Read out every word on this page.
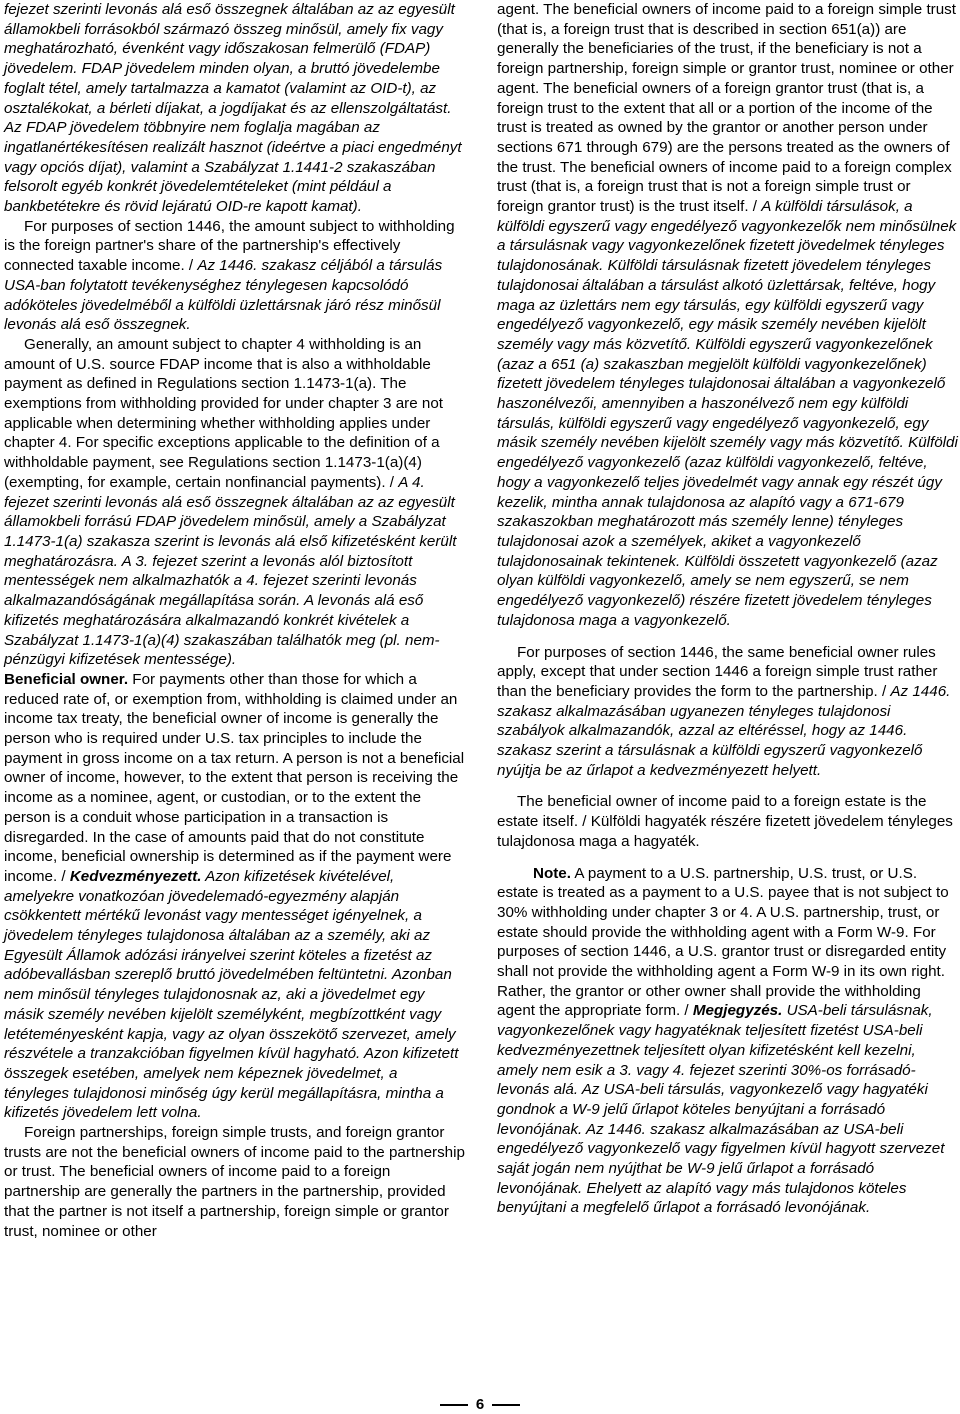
fejezet szerinti levonás alá eső összegnek általában az az egyesült államokbeli forrásokból származó összeg minősül, amely fix vagy meghatározható, évenként vagy időszakosan felmerülő (FDAP) jövedelem. FDAP jövedelem minden olyan, a bruttó jövedelembe foglalt tétel, amely tartalmazza a kamatot (valamint az OID-t), az osztalékokat, a bérleti díjakat, a jogdíjakat és az ellenszolgáltatást. Az FDAP jövedelem többnyire nem foglalja magában az ingatlanértékesítésen realizált hasznot (ideértve a piaci engedményt vagy opciós díjat), valamint a Szabályzat 1.1441-2 szakaszában felsorolt egyéb konkrét jövedelemtételeket (mint például a bankbetétekre és rövid lejáratú OID-re kapott kamat).

For purposes of section 1446, the amount subject to withholding is the foreign partner's share of the partnership's effectively connected taxable income. / Az 1446. szakasz céljából a társulás USA-ban folytatott tevékenységhez ténylegesen kapcsolódó adóköteles jövedelméből a külföldi üzlettársnak járó rész minősül levonás alá eső összegnek.

Generally, an amount subject to chapter 4 withholding is an amount of U.S. source FDAP income that is also a withholdable payment as defined in Regulations section 1.1473-1(a). The exemptions from withholding provided for under chapter 3 are not applicable when determining whether withholding applies under chapter 4. For specific exceptions applicable to the definition of a withholdable payment, see Regulations section 1.1473-1(a)(4) (exempting, for example, certain nonfinancial payments). / A 4. fejezet szerinti levonás alá eső összegnek általában az az egyesült államokbeli forrású FDAP jövedelem minősül, amely a Szabályzat 1.1473-1(a) szakasza szerint is levonás alá első kifizetésként került meghatározásra. A 3. fejezet szerint a levonás alól biztosított mentességek nem alkalmazhatók a 4. fejezet szerinti levonás alkalmazandóságának megállapítása során. A levonás alá eső kifizetés meghatározására alkalmazandó konkrét kivételek a Szabályzat 1.1473-1(a)(4) szakaszában találhatók meg (pl. nem-pénzügyi kifizetések mentessége).

Beneficial owner. For payments other than those for which a reduced rate of, or exemption from, withholding is claimed under an income tax treaty, the beneficial owner of income is generally the person who is required under U.S. tax principles to include the payment in gross income on a tax return. A person is not a beneficial owner of income, however, to the extent that person is receiving the income as a nominee, agent, or custodian, or to the extent the person is a conduit whose participation in a transaction is disregarded. In the case of amounts paid that do not constitute income, beneficial ownership is determined as if the payment were income. / Kedvezményezett. Azon kifizetések kivételével, amelyekre vonatkozóan jövedelemadó-egyezmény alapján csökkentett mértékű levonást vagy mentességet igényelnek, a jövedelem tényleges tulajdonosa általában az a személy, aki az Egyesült Államok adózási irányelvei szerint köteles a fizetést az adóbevallásban szereplő bruttó jövedelmében feltüntetni. Azonban nem minősül tényleges tulajdonosnak az, aki a jövedelmet egy másik személy nevében kijelölt személyként, megbízottként vagy letéteményesként kapja, vagy az olyan összekötő szervezet, amely részvétele a tranzakcióban figyelmen kívül hagyható. Azon kifizetett összegek esetében, amelyek nem képeznek jövedelmet, a tényleges tulajdonosi minőség úgy kerül megállapításra, mintha a kifizetés jövedelem lett volna.

Foreign partnerships, foreign simple trusts, and foreign grantor trusts are not the beneficial owners of income paid to the partnership or trust. The beneficial owners of income paid to a foreign partnership are generally the partners in the partnership, provided that the partner is not itself a partnership, foreign simple or grantor trust, nominee or other

agent. The beneficial owners of income paid to a foreign simple trust (that is, a foreign trust that is described in section 651(a)) are generally the beneficiaries of the trust, if the beneficiary is not a foreign partnership, foreign simple or grantor trust, nominee or other agent. The beneficial owners of a foreign grantor trust (that is, a foreign trust to the extent that all or a portion of the income of the trust is treated as owned by the grantor or another person under sections 671 through 679) are the persons treated as the owners of the trust. The beneficial owners of income paid to a foreign complex trust (that is, a foreign trust that is not a foreign simple trust or foreign grantor trust) is the trust itself. / A külföldi társulások, a külföldi egyszerű vagy engedélyező vagyonkezelők nem minősülnek a társulásnak vagy vagyonkezelőnek fizetett jövedelmek tényleges tulajdonosának. Külföldi társulásnak fizetett jövedelem tényleges tulajdonosai általában a társulást alkotó üzlettársak, feltéve, hogy maga az üzlettárs nem egy társulás, egy külföldi egyszerű vagy engedélyező vagyonkezelő, egy másik személy nevében kijelölt személy vagy más közvetítő. Külföldi egyszerű vagyonkezelőnek (azaz a 651 (a) szakaszban megjelölt külföldi vagyonkezelőnek) fizetett jövedelem tényleges tulajdonosai általában a vagyonkezelő haszonélvezői, amennyiben a haszonélvező nem egy külföldi társulás, külföldi egyszerű vagy engedélyező vagyonkezelő, egy másik személy nevében kijelölt személy vagy más közvetítő. Külföldi engedélyező vagyonkezelő (azaz külföldi vagyonkezelő, feltéve, hogy a vagyonkezelő teljes jövedelmét vagy annak egy részét úgy kezelik, mintha annak tulajdonosa az alapító vagy a 671-679 szakaszokban meghatározott más személy lenne) tényleges tulajdonosai azok a személyek, akiket a vagyonkezelő tulajdonosainak tekintenek. Külföldi összetett vagyonkezelő (azaz olyan külföldi vagyonkezelő, amely se nem egyszerű, se nem engedélyező vagyonkezelő) részére fizetett jövedelem tényleges tulajdonosa maga a vagyonkezelő.

For purposes of section 1446, the same beneficial owner rules apply, except that under section 1446 a foreign simple trust rather than the beneficiary provides the form to the partnership. / Az 1446. szakasz alkalmazásában ugyanezen tényleges tulajdonosi szabályok alkalmazandók, azzal az eltéréssel, hogy az 1446. szakasz szerint a társulásnak a külföldi egyszerű vagyonkezelő nyújtja be az űrlapot a kedvezményezett helyett.

The beneficial owner of income paid to a foreign estate is the estate itself. / Külföldi hagyaték részére fizetett jövedelem tényleges tulajdonosa maga a hagyaték.

Note. A payment to a U.S. partnership, U.S. trust, or U.S. estate is treated as a payment to a U.S. payee that is not subject to 30% withholding under chapter 3 or 4. A U.S. partnership, trust, or estate should provide the withholding agent with a Form W-9. For purposes of section 1446, a U.S. grantor trust or disregarded entity shall not provide the withholding agent a Form W-9 in its own right. Rather, the grantor or other owner shall provide the withholding agent the appropriate form. / Megjegyzés. USA-beli társulásnak, vagyonkezelőnek vagy hagyatéknak teljesített fizetést USA-beli kedvezményezettnek teljesített olyan kifizetésként kell kezelni, amely nem esik a 3. vagy 4. fejezet szerinti 30%-os forrásadó-levonás alá. Az USA-beli társulás, vagyonkezelő vagy hagyatéki gondnok a W-9 jelű űrlapot köteles benyújtani a forrásadó levonójának. Az 1446. szakasz alkalmazásában az USA-beli engedélyező vagyonkezelő vagy figyelmen kívül hagyott szervezet saját jogán nem nyújthat be W-9 jelű űrlapot a forrásadó levonójának. Ehelyett az alapító vagy más tulajdonos köteles benyújtani a megfelelő űrlapot a forrásadó levonójának.

6
